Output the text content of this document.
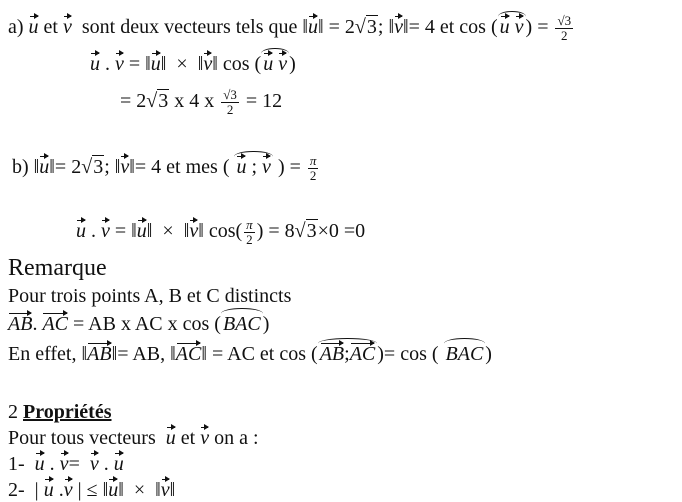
a) u et v sont deux vecteurs tels que ‖u‖ = 2√3; ‖v‖= 4 et cos ( u v ) = $\frac{√3}{2}$
u . v = ‖u‖  ×  ‖v‖ cos ( u v )
= 2√3 x 4 x $\frac{√3}{2} = 12$
b) ‖u‖= 2√3; ‖v‖= 4 et mes ( u ; v ) = $\frac{\pi}{2}$
u . v = ‖u‖  ×  ‖v‖ $\cos( \frac{\pi}{2}$ ) = 8√3×0 =0
Remarque
Pour trois points A, B et C distincts
AB. AC = AB x AC x cos ( BAC )
En effet, ‖AB‖= AB, ‖AC‖ = AC et cos ( AB;AC )= cos ( BAC )
2 Propriétés
Pour tous vecteurs u et v on a :
1- u . v= v . u
2-  | u .v | ≤ ‖u‖  ×  ‖v‖
